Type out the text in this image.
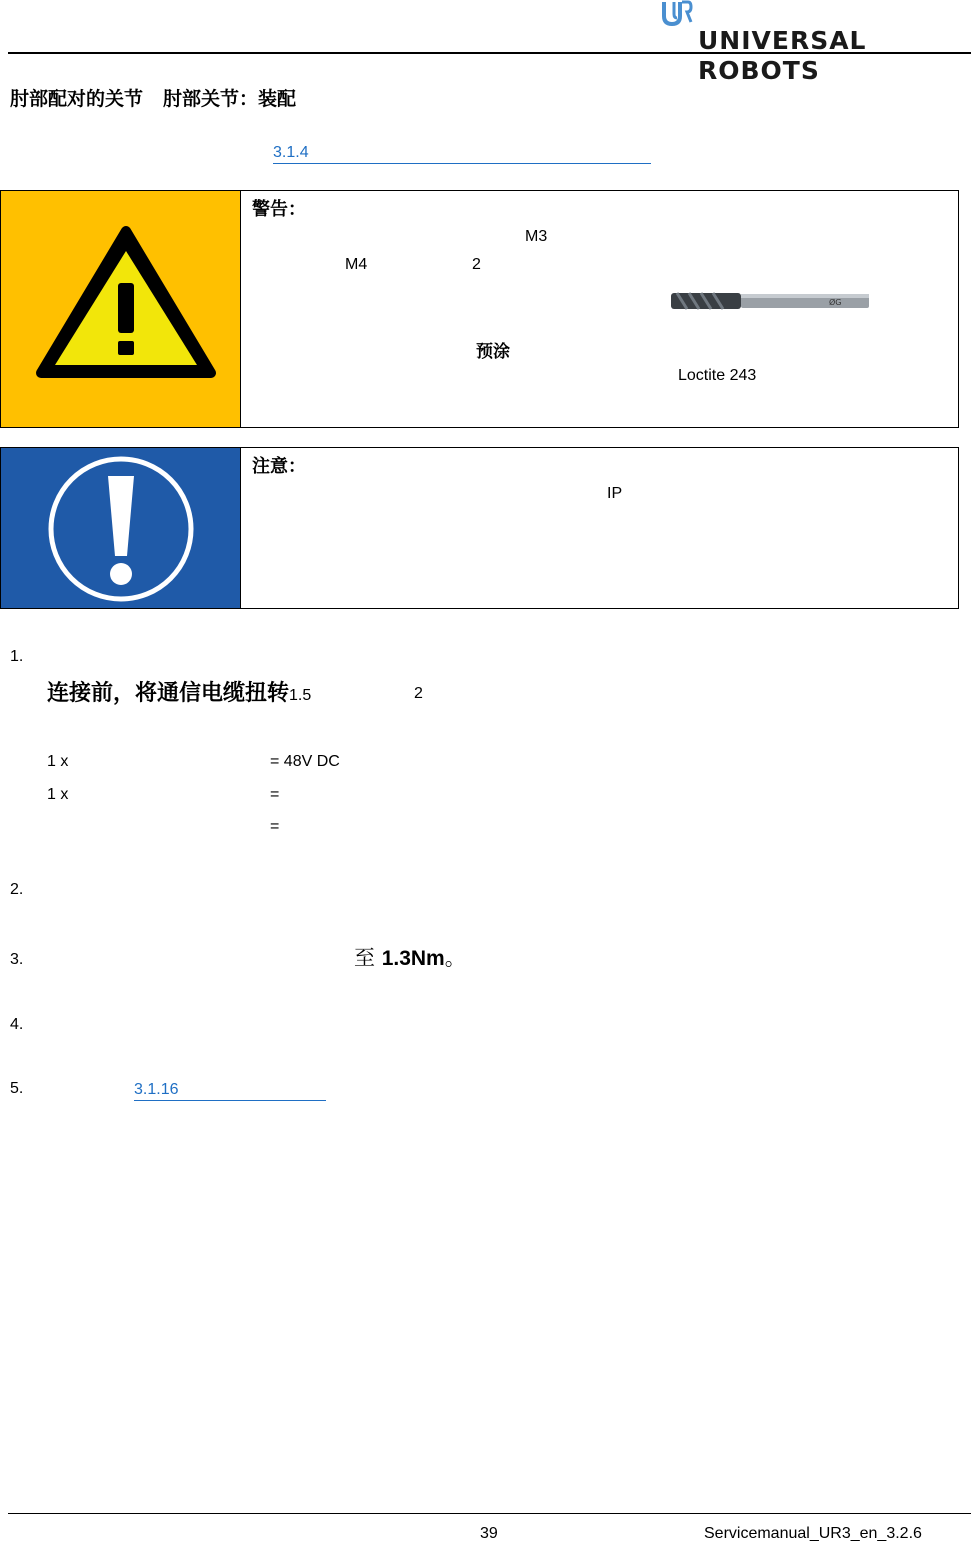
UNIVERSAL ROBOTS
肘部配对的关节 肘部关节：装配
3.1.4
警告：
M3
M4	2
ØG
预涂
Loctite 243
注意：
IP
1.
连接前，将通信电缆扭转1.5	2
1 x	= 48V DC
1 x	=
=
2.
3.	至 1.3Nm。
4.
5.	3.1.16
39	Servicemanual_UR3_en_3.2.6
